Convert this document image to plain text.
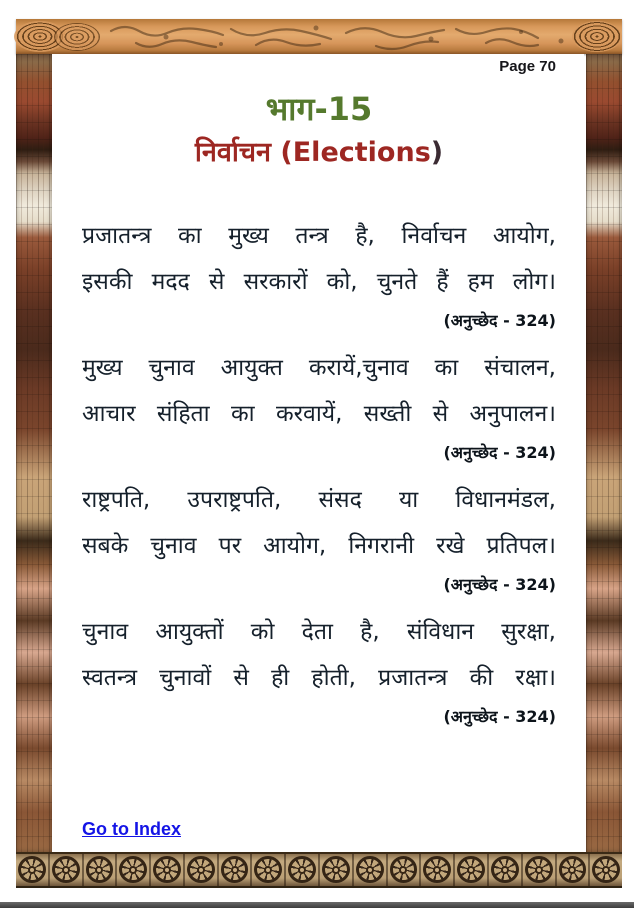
Page 70
भाग-15
निर्वाचन (Elections)
प्रजातन्त्र का मुख्य तन्त्र है, निर्वाचन आयोग,
इसकी मदद से सरकारों को, चुनते हैं हम लोग।
(अनुच्छेद - 324)
मुख्य चुनाव आयुक्त करायें,चुनाव का संचालन,
आचार संहिता का करवायें, सख्ती से अनुपालन।
(अनुच्छेद - 324)
राष्ट्रपति, उपराष्ट्रपति, संसद या विधानमंडल,
सबके चुनाव पर आयोग, निगरानी रखे प्रतिपल।
(अनुच्छेद - 324)
चुनाव आयुक्तों को देता है, संविधान सुरक्षा,
स्वतन्त्र चुनावों से ही होती, प्रजातन्त्र की रक्षा।
(अनुच्छेद - 324)
Go to Index
